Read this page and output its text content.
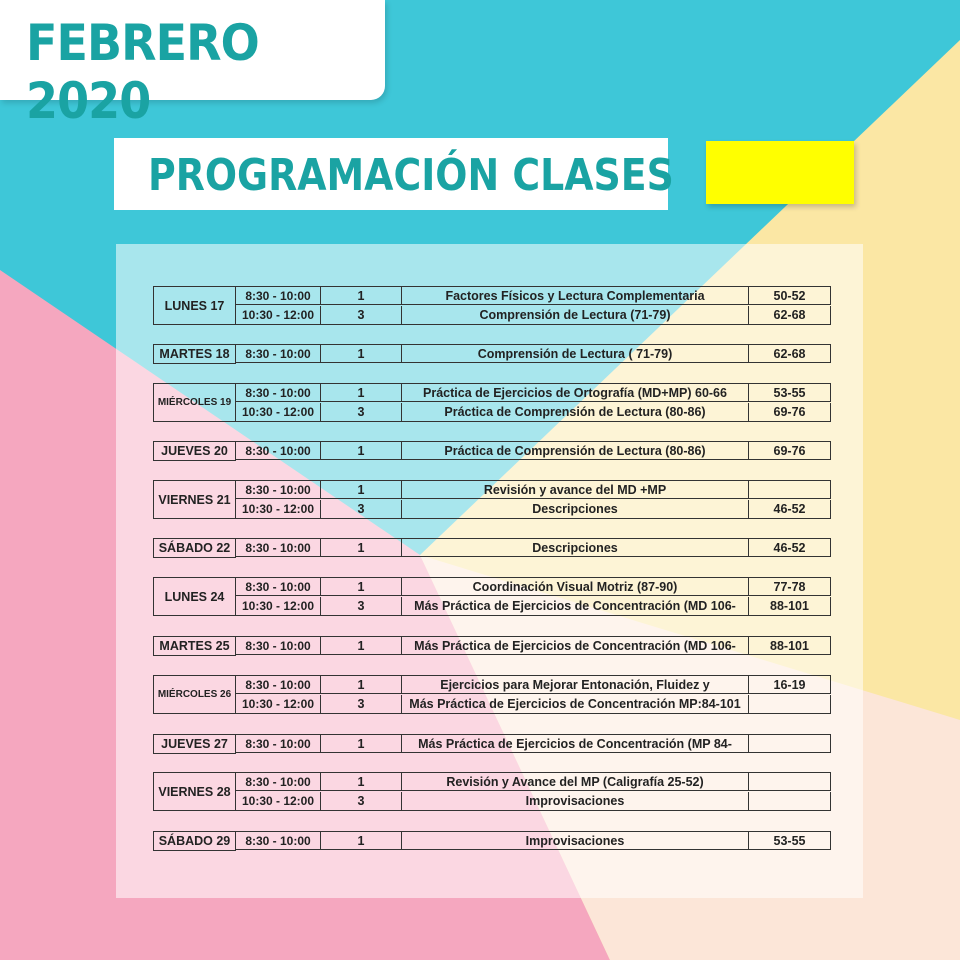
FEBRERO 2020
PROGRAMACIÓN CLASES
LUNES 17
8:30 - 10:00	1	Factores Físicos y Lectura Complementaria	50-52
10:30 - 12:00	3	Comprensión de Lectura (71-79)	62-68
MARTES 18	8:30 - 10:00	1	Comprensión de Lectura ( 71-79)	62-68
MIÉRCOLES 19
8:30 - 10:00	1	Práctica de Ejercicios de Ortografía (MD+MP) 60-66	53-55
10:30 - 12:00	3	Práctica de Comprensión de Lectura (80-86)	69-76
JUEVES 20	8:30 - 10:00	1	Práctica de Comprensión de Lectura (80-86)	69-76
VIERNES 21
8:30 - 10:00	1	Revisión y avance del MD +MP
10:30 - 12:00	3	Descripciones	46-52
SÁBADO 22	8:30 - 10:00	1	Descripciones	46-52
LUNES 24
8:30 - 10:00	1	Coordinación Visual Motriz (87-90)	77-78
10:30 - 12:00	3	Más Práctica de Ejercicios de Concentración (MD 106-	88-101
MARTES 25	8:30 - 10:00	1	Más Práctica de Ejercicios de Concentración (MD 106-	88-101
MIÉRCOLES 26
8:30 - 10:00	1	Ejercicios para Mejorar Entonación, Fluidez y	16-19
10:30 - 12:00	3	Más Práctica de Ejercicios de Concentración MP:84-101
JUEVES 27	8:30 - 10:00	1	Más Práctica de Ejercicios de Concentración (MP 84-
VIERNES 28
8:30 - 10:00	1	Revisión y Avance del MP (Caligrafía 25-52)
10:30 - 12:00	3	Improvisaciones
SÁBADO 29	8:30 - 10:00	1	Improvisaciones	53-55
